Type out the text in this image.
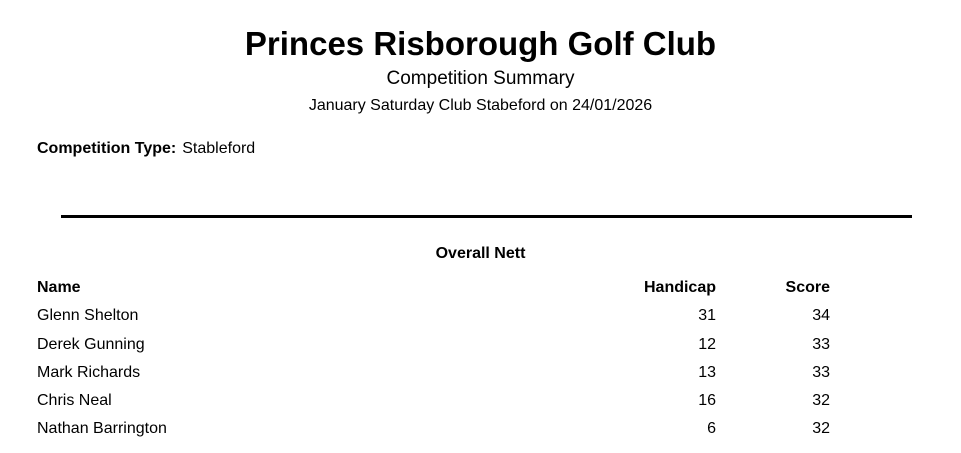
Princes Risborough Golf Club
Competition Summary
January Saturday Club Stabeford on 24/01/2026
Competition Type: Stableford
Overall Nett
Name	Handicap	Score
Glenn Shelton	31	34
Derek Gunning	12	33
Mark Richards	13	33
Chris Neal	16	32
Nathan Barrington	6	32
